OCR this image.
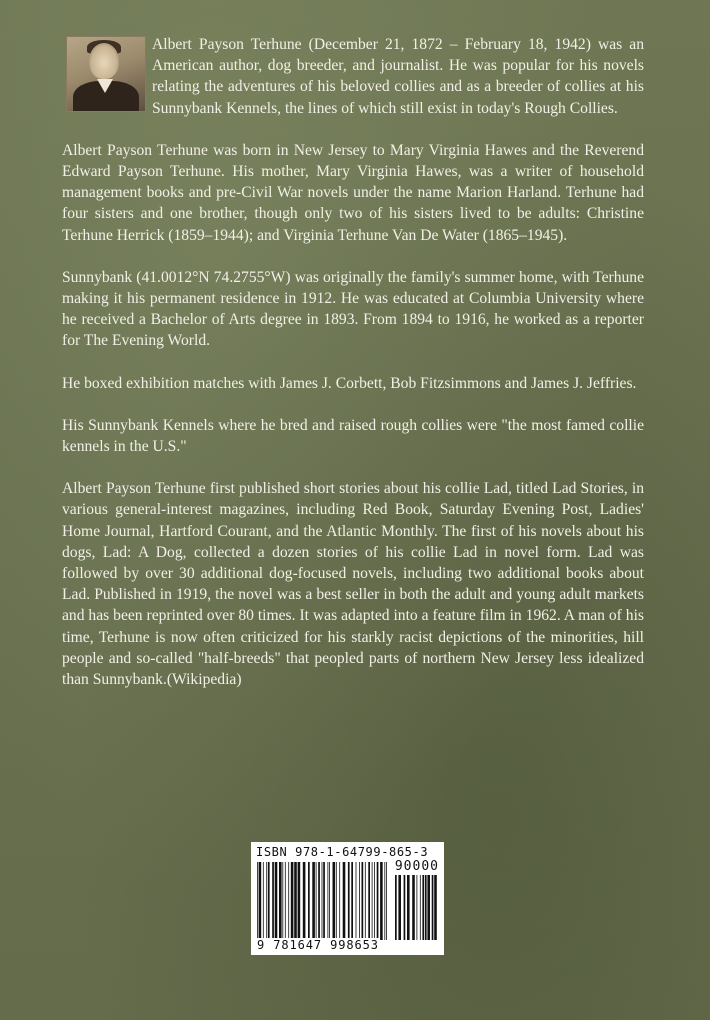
Albert Payson Terhune (December 21, 1872 – February 18, 1942) was an American author, dog breeder, and journalist. He was popular for his novels relating the adventures of his beloved collies and as a breeder of collies at his Sunnybank Kennels, the lines of which still exist in today's Rough Collies.

Albert Payson Terhune was born in New Jersey to Mary Virginia Hawes and the Reverend Edward Payson Terhune. His mother, Mary Virginia Hawes, was a writer of household management books and pre-Civil War novels under the name Marion Harland. Terhune had four sisters and one brother, though only two of his sisters lived to be adults: Christine Terhune Herrick (1859–1944); and Virginia Terhune Van De Water (1865–1945).

Sunnybank (41.0012°N 74.2755°W) was originally the family's summer home, with Terhune making it his permanent residence in 1912. He was educated at Columbia University where he received a Bachelor of Arts degree in 1893. From 1894 to 1916, he worked as a reporter for The Evening World.

He boxed exhibition matches with James J. Corbett, Bob Fitzsimmons and James J. Jeffries.

His Sunnybank Kennels where he bred and raised rough collies were "the most famed collie kennels in the U.S."

Albert Payson Terhune first published short stories about his collie Lad, titled Lad Stories, in various general-interest magazines, including Red Book, Saturday Evening Post, Ladies' Home Journal, Hartford Courant, and the Atlantic Monthly. The first of his novels about his dogs, Lad: A Dog, collected a dozen stories of his collie Lad in novel form. Lad was followed by over 30 additional dog-focused novels, including two additional books about Lad. Published in 1919, the novel was a best seller in both the adult and young adult markets and has been reprinted over 80 times. It was adapted into a feature film in 1962. A man of his time, Terhune is now often criticized for his starkly racist depictions of the minorities, hill people and so-called "half-breeds" that peopled parts of northern New Jersey less idealized than Sunnybank.(Wikipedia)

ISBN 978-1-64799-865-3
90000
9 781647 998653
